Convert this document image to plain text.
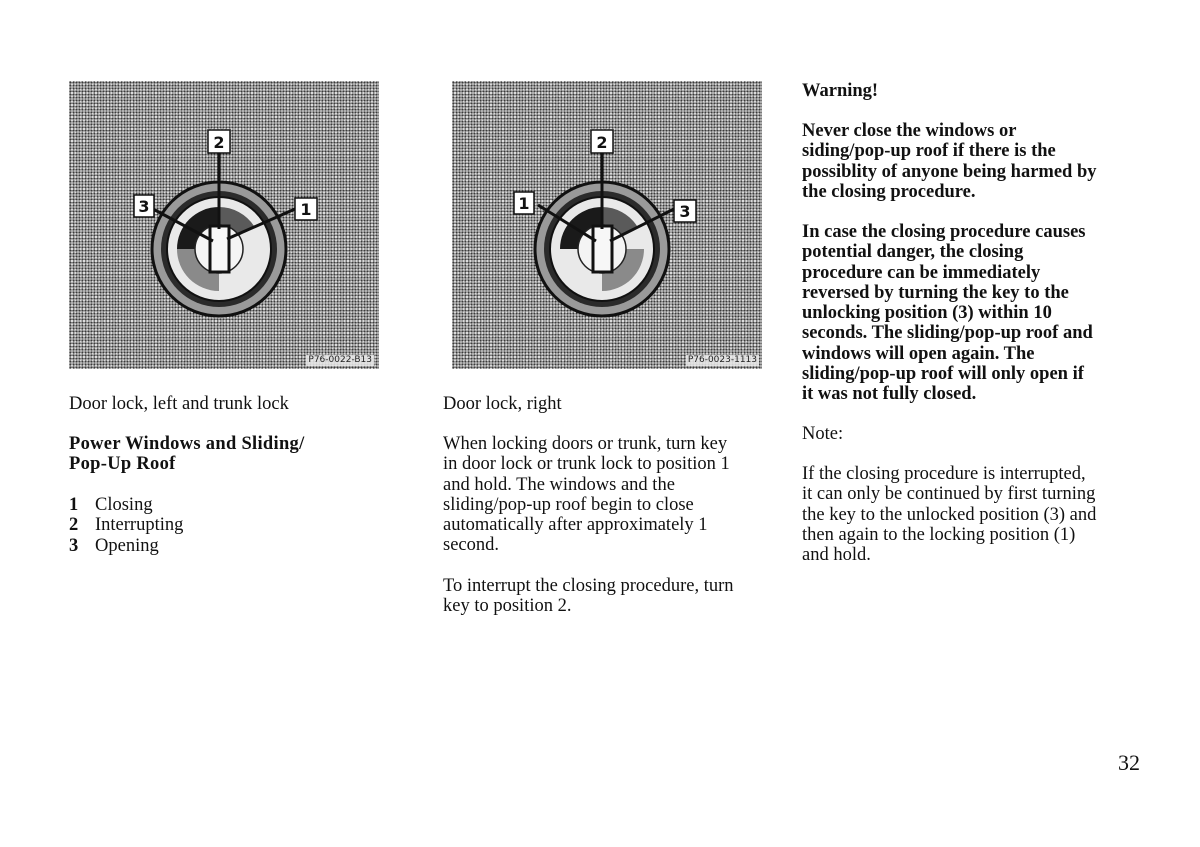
2
3	1
P76-0022-B13
2
1	3
P76-0023-1113
Door lock, left and trunk lock	Door lock, right
Power Windows and Sliding/
Pop-Up Roof
1 Closing
2 Interrupting
3 Opening
When locking doors or trunk, turn key
in door lock or trunk lock to position 1
and hold. The windows and the
sliding/pop-up roof begin to close
automatically after approximately 1
second.
To interrupt the closing procedure, turn
key to position 2.
Warning!
Never close the windows or
siding/pop-up roof if there is the
possiblity of anyone being harmed by
the closing procedure.
In case the closing procedure causes
potential danger, the closing
procedure can be immediately
reversed by turning the key to the
unlocking position (3) within 10
seconds. The sliding/pop-up roof and
windows will open again. The
sliding/pop-up roof will only open if
it was not fully closed.
Note:
If the closing procedure is interrupted,
it can only be continued by first turning
the key to the unlocked position (3) and
then again to the locking position (1)
and hold.
32
